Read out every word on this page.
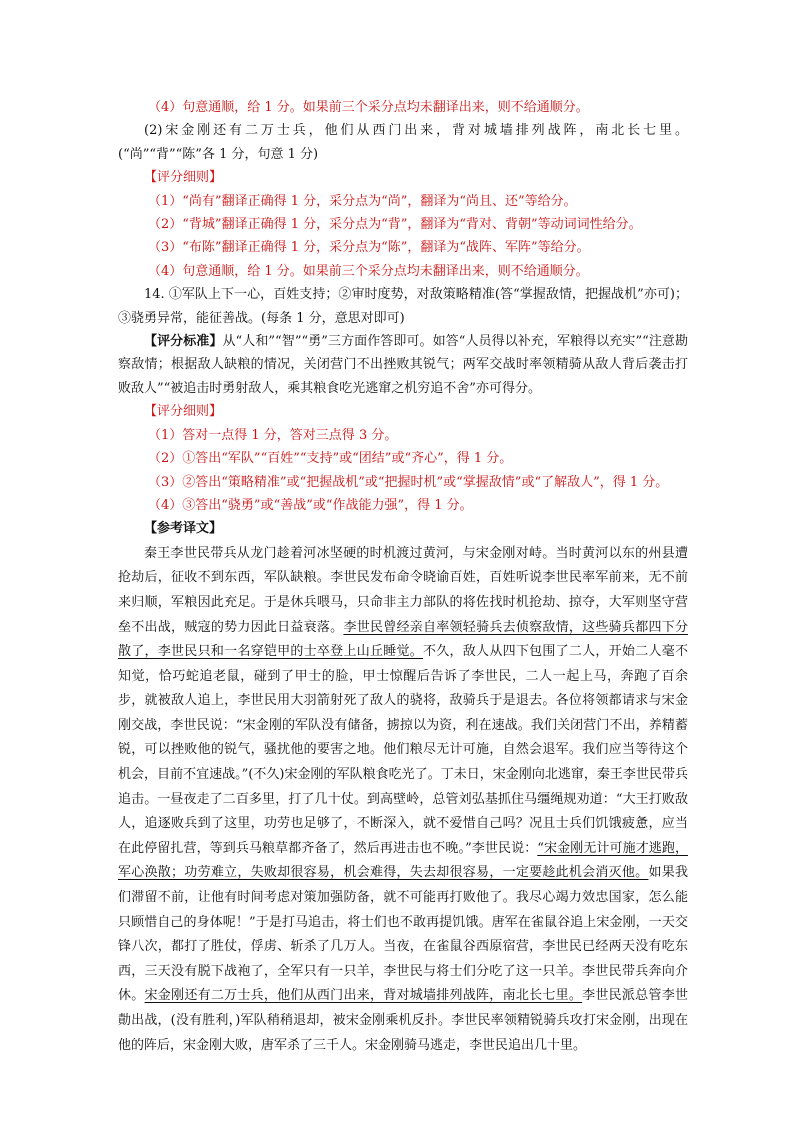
（4）句意通顺，给 1 分。如果前三个采分点均未翻译出来，则不给通顺分。
(2)宋金刚还有二万士兵，他们从西门出来，背对城墙排列战阵，南北长七里。(“尚”“背”“陈”各 1 分，句意 1 分)
【评分细则】
（1）“尚有”翻译正确得 1 分，采分点为“尚”，翻译为“尚且、还”等给分。
（2）“背城”翻译正确得 1 分，采分点为“背”，翻译为“背对、背朝”等动词词性给分。
（3）“布陈”翻译正确得 1 分，采分点为“陈”，翻译为“战阵、军阵”等给分。
（4）句意通顺，给 1 分。如果前三个采分点均未翻译出来，则不给通顺分。
14. ①军队上下一心，百姓支持；②审时度势，对敌策略精准(答“掌握敌情，把握战机”亦可)；③骁勇异常，能征善战。(每条 1 分，意思对即可)
【评分标准】从“人和”“智”“勇”三方面作答即可。如答“人员得以补充，军粮得以充实”“注意勘察敌情；根据敌人缺粮的情况，关闭营门不出挫败其锐气；两军交战时率领精骑从敌人背后袭击打败敌人”“被追击时勇射敌人，乘其粮食吃光逃窜之机穷追不舍”亦可得分。
【评分细则】
（1）答对一点得 1 分，答对三点得 3 分。
（2）①答出“军队”“百姓”“支持”或“团结”或“齐心”，得 1 分。
（3）②答出“策略精准”或“把握战机”或“把握时机”或“掌握敌情”或“了解敌人”，得 1 分。
（4）③答出“骁勇”或“善战”或“作战能力强”，得 1 分。
【参考译文】
秦王李世民带兵从龙门趁着河冰坚硬的时机渡过黄河，与宋金刚对峙。当时黄河以东的州县遭抢劫后，征收不到东西，军队缺粮。李世民发布命令晓谕百姓，百姓听说李世民率军前来，无不前来归顺，军粮因此充足。于是休兵喂马，只命非主力部队的将佐找时机抢劫、掠夺，大军则坚守营垒不出战，贼寇的势力因此日益衰落。李世民曾经亲自率领轻骑兵去侦察敌情，这些骑兵都四下分散了，李世民只和一名穿铠甲的士卒登上山丘睡觉。不久，敌人从四下包围了二人，开始二人毫不知觉，恰巧蛇追老鼠，碰到了甲士的脸，甲士惊醒后告诉了李世民，二人一起上马，奔跑了百余步，就被敌人追上，李世民用大羽箭射死了敌人的骁将，敌骑兵于是退去。各位将领都请求与宋金刚交战，李世民说：“宋金刚的军队没有储备，掳掠以为资，利在速战。我们关闭营门不出，养精蓄锐，可以挫败他的锐气，骚扰他的要害之地。他们粮尽无计可施，自然会退军。我们应当等待这个机会，目前不宜速战。”(不久)宋金刚的军队粮食吃光了。丁未日，宋金刚向北逃窜，秦王李世民带兵追击。一昼夜走了二百多里，打了几十仗。到高壁岭，总管刘弘基抓住马缰绳规劝道：“大王打败敌人，追逐败兵到了这里，功劳也足够了，不断深入，就不爱惜自己吗？况且士兵们饥饿疲惫，应当在此停留扎营，等到兵马粮草都齐备了，然后再进击也不晚。”李世民说：“宋金刚无计可施才逃跑，军心涣散；功劳难立，失败却很容易，机会难得，失去却很容易，一定要趁此机会消灭他。如果我们滞留不前，让他有时间考虑对策加强防备，就不可能再打败他了。我尽心竭力效忠国家，怎么能只顾惜自己的身体呢！”于是打马追击，将士们也不敢再提饥饿。唐军在雀鼠谷追上宋金刚，一天交锋八次，都打了胜仗，俘虏、斩杀了几万人。当夜，在雀鼠谷西原宿营，李世民已经两天没有吃东西，三天没有脱下战袍了，全军只有一只羊，李世民与将士们分吃了这一只羊。李世民带兵奔向介休。宋金刚还有二万士兵，他们从西门出来，背对城墙排列战阵，南北长七里。李世民派总管李世勣出战，(没有胜利，)军队稍稍退却，被宋金刚乘机反扑。李世民率领精锐骑兵攻打宋金刚，出现在他的阵后，宋金刚大败，唐军杀了三千人。宋金刚骑马逃走，李世民追出几十里。
